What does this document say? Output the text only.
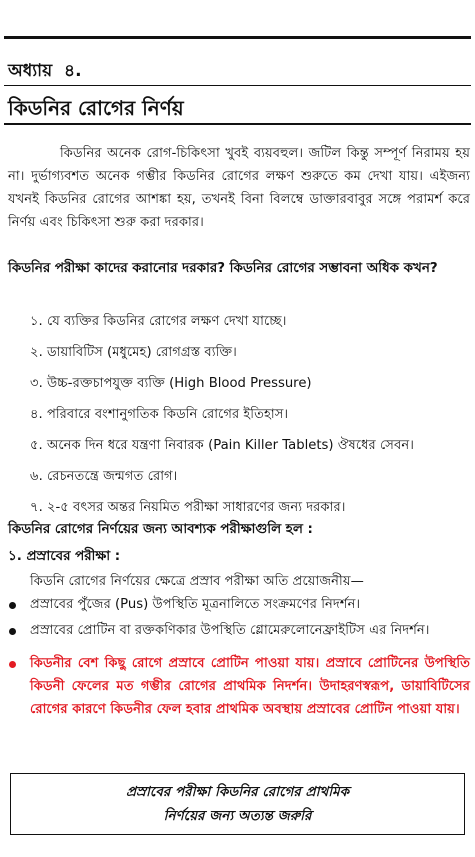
অধ্যায় ৪.
কিডনির রোগের নির্ণয়

কিডনির অনেক রোগ-চিকিৎসা খুবই ব্যয়বহুল। জটিল কিন্তু সম্পূর্ণ নিরাময় হয় না। দুর্ভাগ্যবশত অনেক গম্ভীর কিডনির রোগের লক্ষণ শুরুতে কম দেখা যায়। এইজন্য যখনই কিডনির রোগের আশঙ্কা হয়, তখনই বিনা বিলম্বে ডাক্তারবাবুর সঙ্গে পরামর্শ করে নির্ণয় এবং চিকিৎসা শুরু করা দরকার।

কিডনির পরীক্ষা কাদের করানোর দরকার? কিডনির রোগের সম্ভাবনা অধিক কখন?

১. যে ব্যক্তির কিডনির রোগের লক্ষণ দেখা যাচ্ছে।
২. ডায়াবিটিস (মধুমেহ) রোগগ্রস্ত ব্যক্তি।
৩. উচ্চ-রক্তচাপযুক্ত ব্যক্তি (High Blood Pressure)
৪. পরিবারে বংশানুগতিক কিডনি রোগের ইতিহাস।
৫. অনেক দিন ধরে যন্ত্রণা নিবারক (Pain Killer Tablets) ঔষধের সেবন।
৬. রেচনতন্ত্রে জন্মগত রোগ।
৭. ২-৫ বৎসর অন্তর নিয়মিত পরীক্ষা সাধারণের জন্য দরকার।

কিডনির রোগের নির্ণয়ের জন্য আবশ্যক পরীক্ষাগুলি হল :

১. প্রস্রাবের পরীক্ষা :

কিডনি রোগের নির্ণয়ের ক্ষেত্রে প্রস্রাব পরীক্ষা অতি প্রয়োজনীয়—

প্রস্রাবের পুঁজের (Pus) উপস্থিতি মূত্রনালিতে সংক্রমণের নিদর্শন।
প্রস্রাবের প্রোটিন বা রক্তকণিকার উপস্থিতি গ্লোমেরুলোনেফ্রাইটিস এর নিদর্শন।
কিডনীর বেশ কিছু রোগে প্রস্রাবে প্রোটিন পাওয়া যায়। প্রস্রাবে প্রোটিনের উপস্থিতি কিডনী ফেলের মত গম্ভীর রোগের প্রাথমিক নিদর্শন। উদাহরণস্বরূপ, ডায়াবিটিসের রোগের কারণে কিডনীর ফেল হবার প্রাথমিক অবস্থায় প্রস্রাবের প্রোটিন পাওয়া যায়।
প্রস্রাবের পরীক্ষা কিডনির রোগের প্রাথমিক
নির্ণয়ের জন্য অত্যন্ত জরুরি
